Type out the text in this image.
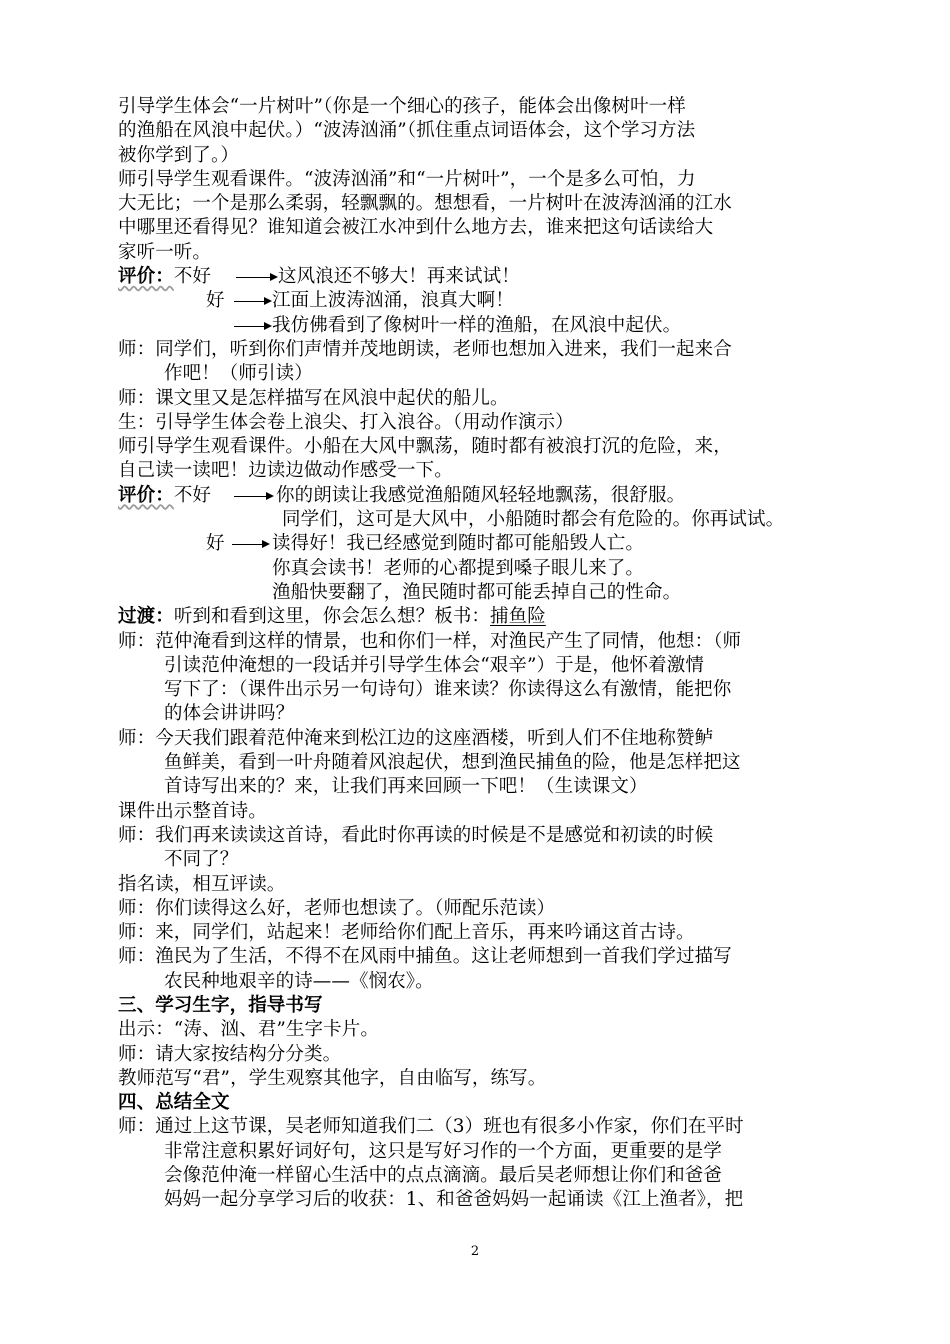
引导学生体会“一片树叶”（你是一个细心的孩子，能体会出像树叶一样
的渔船在风浪中起伏。）“波涛汹涌”（抓住重点词语体会，这个学习方法
被你学到了。）
师引导学生观看课件。“波涛汹涌”和“一片树叶”，一个是多么可怕，力
大无比；一个是那么柔弱，轻飘飘的。想想看，一片树叶在波涛汹涌的江水
中哪里还看得见？谁知道会被江水冲到什么地方去，谁来把这句话读给大
家听一听。
评价：不好	这风浪还不够大！再来试试！
好	江面上波涛汹涌，浪真大啊！
我仿佛看到了像树叶一样的渔船，在风浪中起伏。
师：同学们，听到你们声情并茂地朗读，老师也想加入进来，我们一起来合
作吧！（师引读）
师：课文里又是怎样描写在风浪中起伏的船儿。
生：引导学生体会卷上浪尖、打入浪谷。（用动作演示）
师引导学生观看课件。小船在大风中飘荡，随时都有被浪打沉的危险，来，
自己读一读吧！边读边做动作感受一下。
评价：不好	你的朗读让我感觉渔船随风轻轻地飘荡，很舒服。
同学们，这可是大风中，小船随时都会有危险的。你再试试。
好	读得好！我已经感觉到随时都可能船毁人亡。
你真会读书！老师的心都提到嗓子眼儿来了。
渔船快要翻了，渔民随时都可能丢掉自己的性命。
过渡：听到和看到这里，你会怎么想？板书：捕鱼险
师：范仲淹看到这样的情景，也和你们一样，对渔民产生了同情，他想：（师
引读范仲淹想的一段话并引导学生体会“艰辛”）于是，他怀着激情
写下了：（课件出示另一句诗句）谁来读？你读得这么有激情，能把你
的体会讲讲吗？
师：今天我们跟着范仲淹来到松江边的这座酒楼，听到人们不住地称赞鲈
鱼鲜美，看到一叶舟随着风浪起伏，想到渔民捕鱼的险，他是怎样把这
首诗写出来的？来，让我们再来回顾一下吧！（生读课文）
课件出示整首诗。
师：我们再来读读这首诗，看此时你再读的时候是不是感觉和初读的时候
不同了？
指名读，相互评读。
师：你们读得这么好，老师也想读了。（师配乐范读）
师：来，同学们，站起来！老师给你们配上音乐，再来吟诵这首古诗。
师：渔民为了生活，不得不在风雨中捕鱼。这让老师想到一首我们学过描写
农民种地艰辛的诗——《悯农》。
三、学习生字，指导书写
出示：“涛、汹、君”生字卡片。
师：请大家按结构分分类。
教师范写“君”，学生观察其他字，自由临写，练写。
四、总结全文
师：通过上这节课，吴老师知道我们二（3）班也有很多小作家，你们在平时
非常注意积累好词好句，这只是写好习作的一个方面，更重要的是学
会像范仲淹一样留心生活中的点点滴滴。最后吴老师想让你们和爸爸
妈妈一起分享学习后的收获：1、和爸爸妈妈一起诵读《江上渔者》，把
2
